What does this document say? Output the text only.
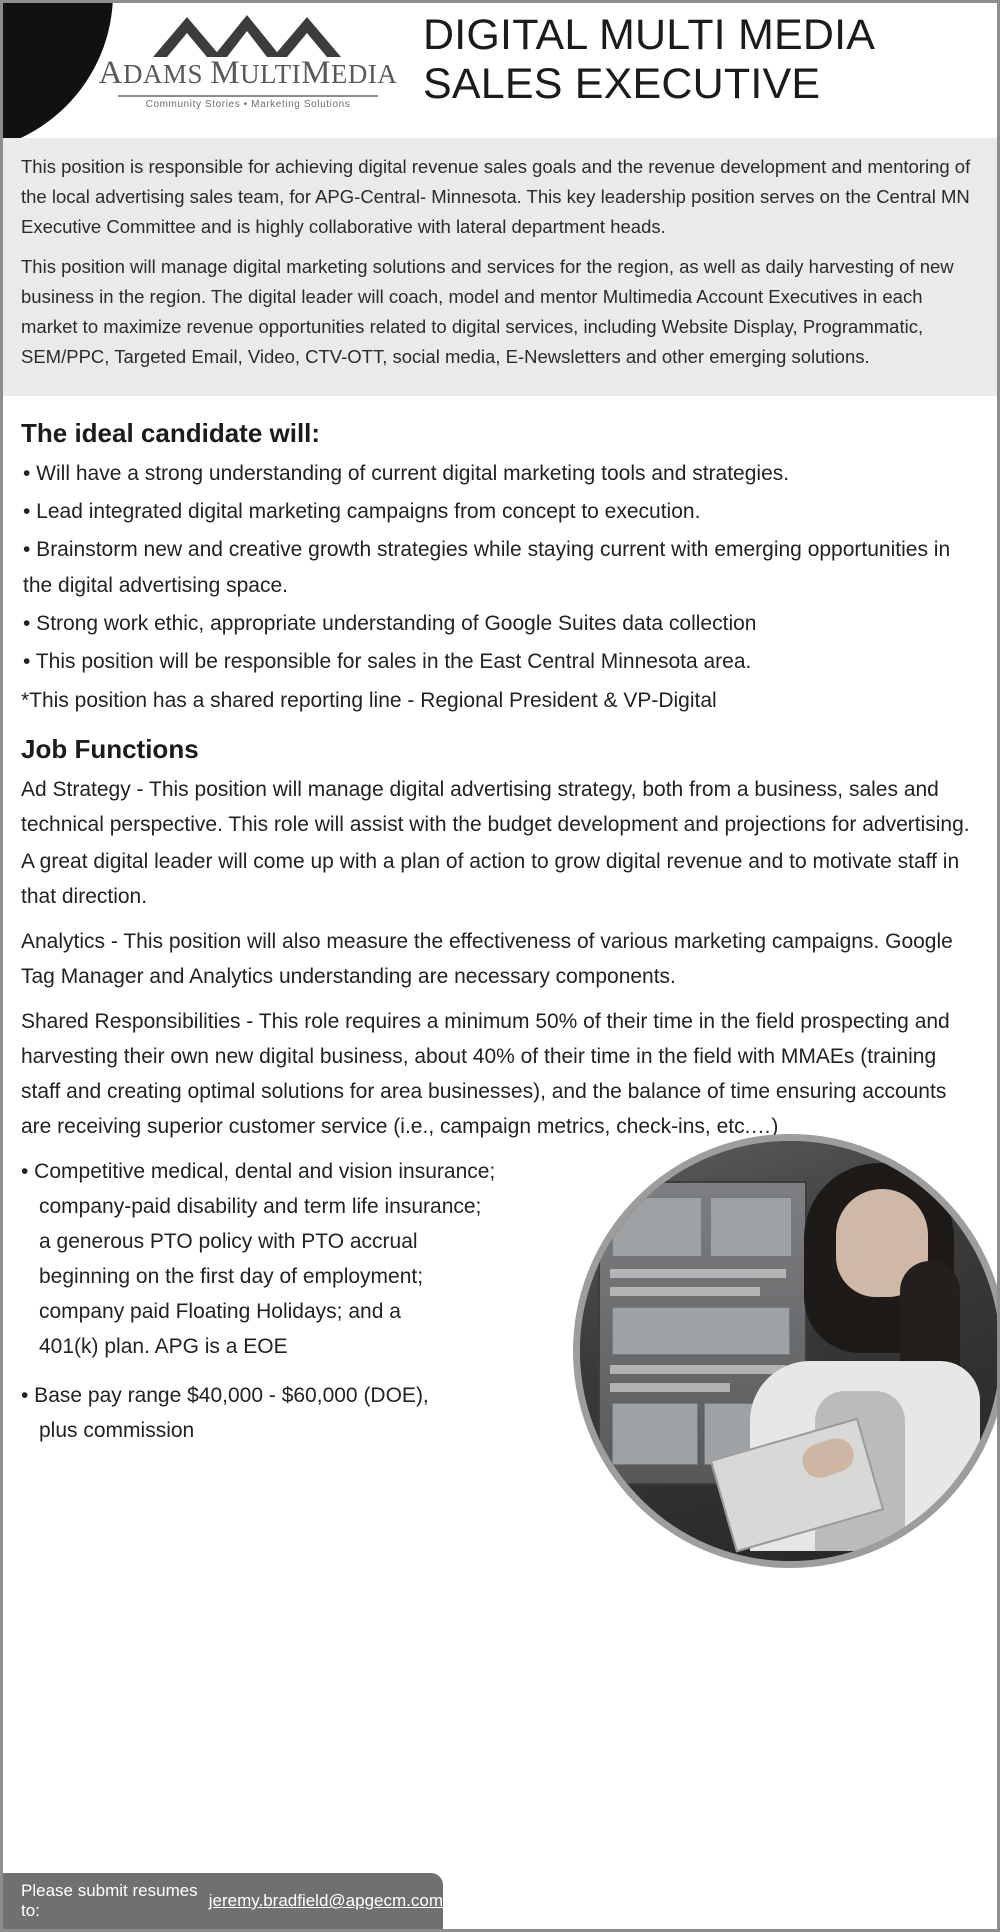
ADAMS MULTIMEDIA
Community Stories • Marketing Solutions
DIGITAL MULTI MEDIA
SALES EXECUTIVE

This position is responsible for achieving digital revenue sales goals and the revenue development and mentoring of the local advertising sales team, for APG-Central- Minnesota. This key leadership position serves on the Central MN Executive Committee and is highly collaborative with lateral department heads.

This position will manage digital marketing solutions and services for the region, as well as daily harvesting of new business in the region. The digital leader will coach, model and mentor Multimedia Account Executives in each market to maximize revenue opportunities related to digital services, including Website Display, Programmatic, SEM/PPC, Targeted Email, Video, CTV-OTT, social media, E-Newsletters and other emerging solutions.

The ideal candidate will:
• Will have a strong understanding of current digital marketing tools and strategies.
• Lead integrated digital marketing campaigns from concept to execution.
• Brainstorm new and creative growth strategies while staying current with emerging opportunities in the digital advertising space.
• Strong work ethic, appropriate understanding of Google Suites data collection
• This position will be responsible for sales in the East Central Minnesota area.
*This position has a shared reporting line - Regional President & VP-Digital
Job Functions
Ad Strategy - This position will manage digital advertising strategy, both from a business, sales and technical perspective. This role will assist with the budget development and projections for advertising.
A great digital leader will come up with a plan of action to grow digital revenue and to motivate staff in that direction.
Analytics - This position will also measure the effectiveness of various marketing campaigns. Google Tag Manager and Analytics understanding are necessary components.
Shared Responsibilities - This role requires a minimum 50% of their time in the field prospecting and harvesting their own new digital business, about 40% of their time in the field with MMAEs (training staff and creating optimal solutions for area businesses), and the balance of time ensuring accounts are receiving superior customer service (i.e., campaign metrics, check-ins, etc.…)
• Competitive medical, dental and vision insurance;
company-paid disability and term life insurance;
a generous PTO policy with PTO accrual
beginning on the first day of employment;
company paid Floating Holidays; and a
401(k) plan. APG is a EOE
• Base pay range $40,000 - $60,000 (DOE),
plus commission
Please submit resumes to:
jeremy.bradfield@apgecm.com
